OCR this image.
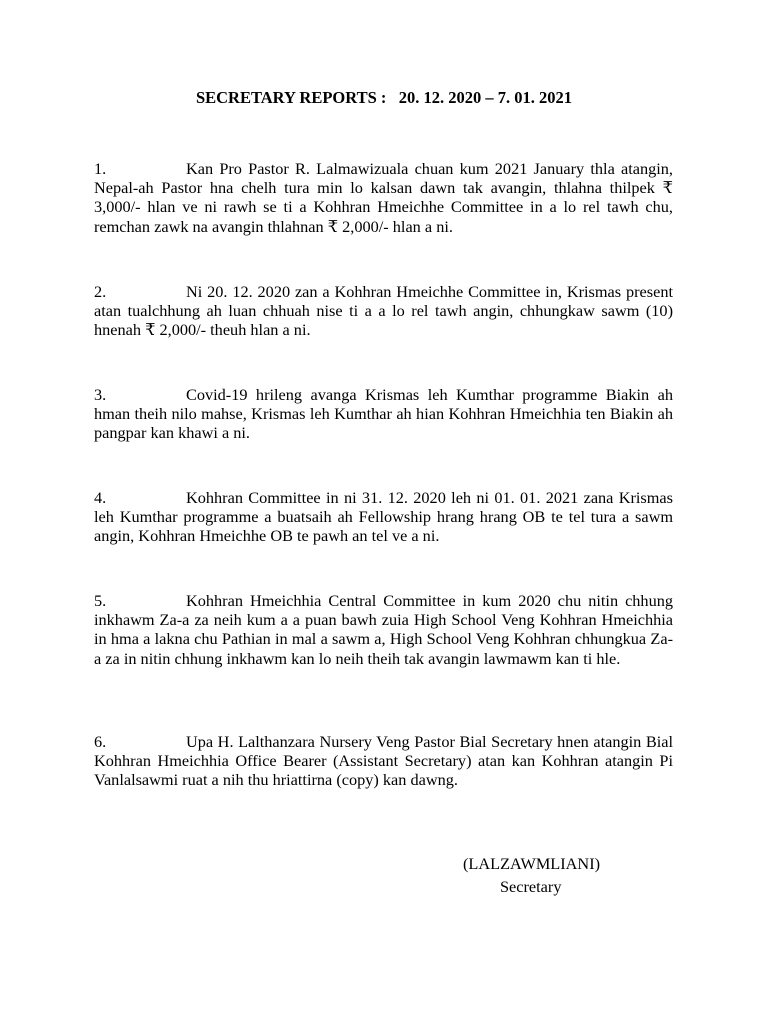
SECRETARY REPORTS :   20. 12. 2020 – 7. 01. 2021
1.	Kan Pro Pastor R. Lalmawizuala chuan kum 2021 January thla atangin, Nepal-ah Pastor hna chelh tura min lo kalsan dawn tak avangin, thlahna thilpek ₹ 3,000/- hlan ve ni rawh se ti a Kohhran Hmeichhe Committee in a lo rel tawh chu, remchan zawk na avangin thlahnan ₹ 2,000/- hlan a ni.
2.	Ni 20. 12. 2020 zan a Kohhran Hmeichhe Committee in, Krismas present atan tualchhung ah luan chhuah nise ti a a lo rel tawh angin, chhungkaw sawm (10) hnenah ₹ 2,000/- theuh hlan a ni.
3.	Covid-19 hrileng avanga Krismas leh Kumthar programme Biakin ah hman theih nilo mahse, Krismas leh Kumthar ah hian Kohhran Hmeichhia ten Biakin ah pangpar kan khawi a ni.
4.	Kohhran Committee in ni 31. 12. 2020 leh ni 01. 01. 2021 zana Krismas leh Kumthar programme a buatsaih ah Fellowship hrang hrang OB te tel tura a sawm angin, Kohhran Hmeichhe OB te pawh an tel ve a ni.
5.	Kohhran Hmeichhia Central Committee in kum 2020 chu nitin chhung inkhawm Za-a za neih kum a a puan bawh zuia High School Veng Kohhran Hmeichhia in hma a lakna chu Pathian in mal a sawm a, High School Veng Kohhran chhungkua Za-a za in nitin chhung inkhawm kan lo neih theih tak avangin lawmawm kan ti hle.
6.	Upa H. Lalthanzara Nursery Veng Pastor Bial Secretary hnen atangin Bial Kohhran Hmeichhia Office Bearer (Assistant Secretary) atan kan Kohhran atangin Pi Vanlalsawmi ruat a nih thu hriattirna (copy) kan dawng.
(LALZAWMLIANI)
Secretary
